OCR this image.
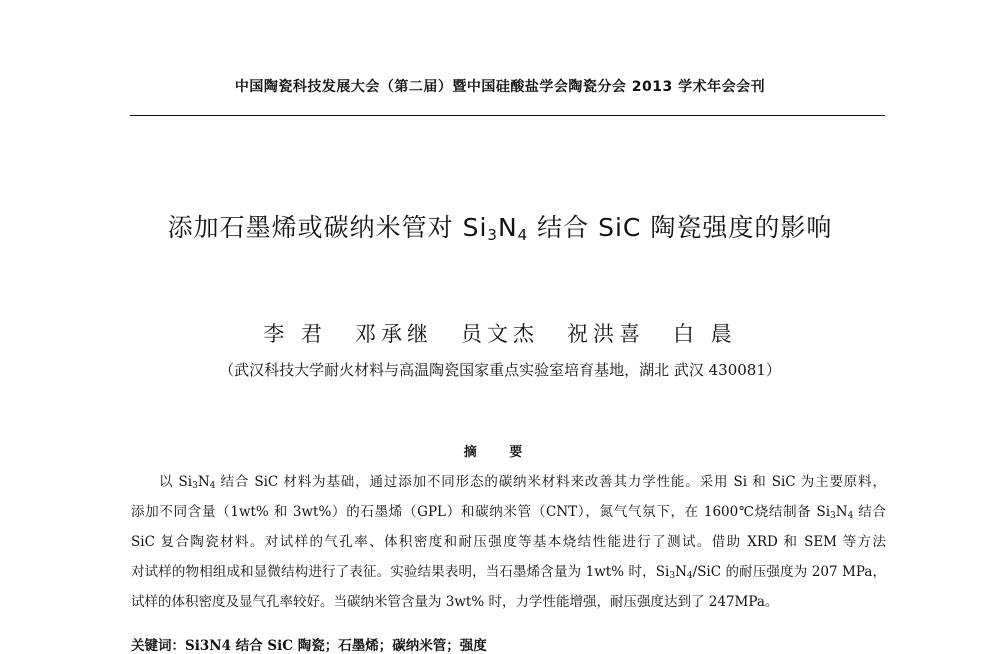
中国陶瓷科技发展大会（第二届）暨中国硅酸盐学会陶瓷分会 2013 学术年会会刊
添加石墨烯或碳纳米管对 $Si_3N_4$ 结合 SiC 陶瓷强度的影响
李 君 邓承继 员文杰 祝洪喜 白 晨
（武汉科技大学耐火材料与高温陶瓷国家重点实验室培育基地，湖北 武汉 430081）
摘 要
以 $Si_3N_4$ 结合 SiC 材料为基础，通过添加不同形态的碳纳米材料来改善其力学性能。采用 Si 和 SiC 为主要原料，
添加不同含量（1wt% 和 3wt%）的石墨烯（GPL）和碳纳米管（CNT），氮气气氛下，在 1600℃烧结制备 $Si_3N_4$ 结合
SiC 复合陶瓷材料。对试样的气孔率、体积密度和耐压强度等基本烧结性能进行了测试。借助 XRD 和 SEM 等方法
对试样的物相组成和显微结构进行了表征。实验结果表明，当石墨烯含量为 1wt% 时，$Si_3N_4$/SiC 的耐压强度为 207 MPa，
试样的体积密度及显气孔率较好。当碳纳米管含量为 3wt% 时，力学性能增强，耐压强度达到了 247MPa。
关键词：Si3N4 结合 SiC 陶瓷；石墨烯；碳纳米管；强度
